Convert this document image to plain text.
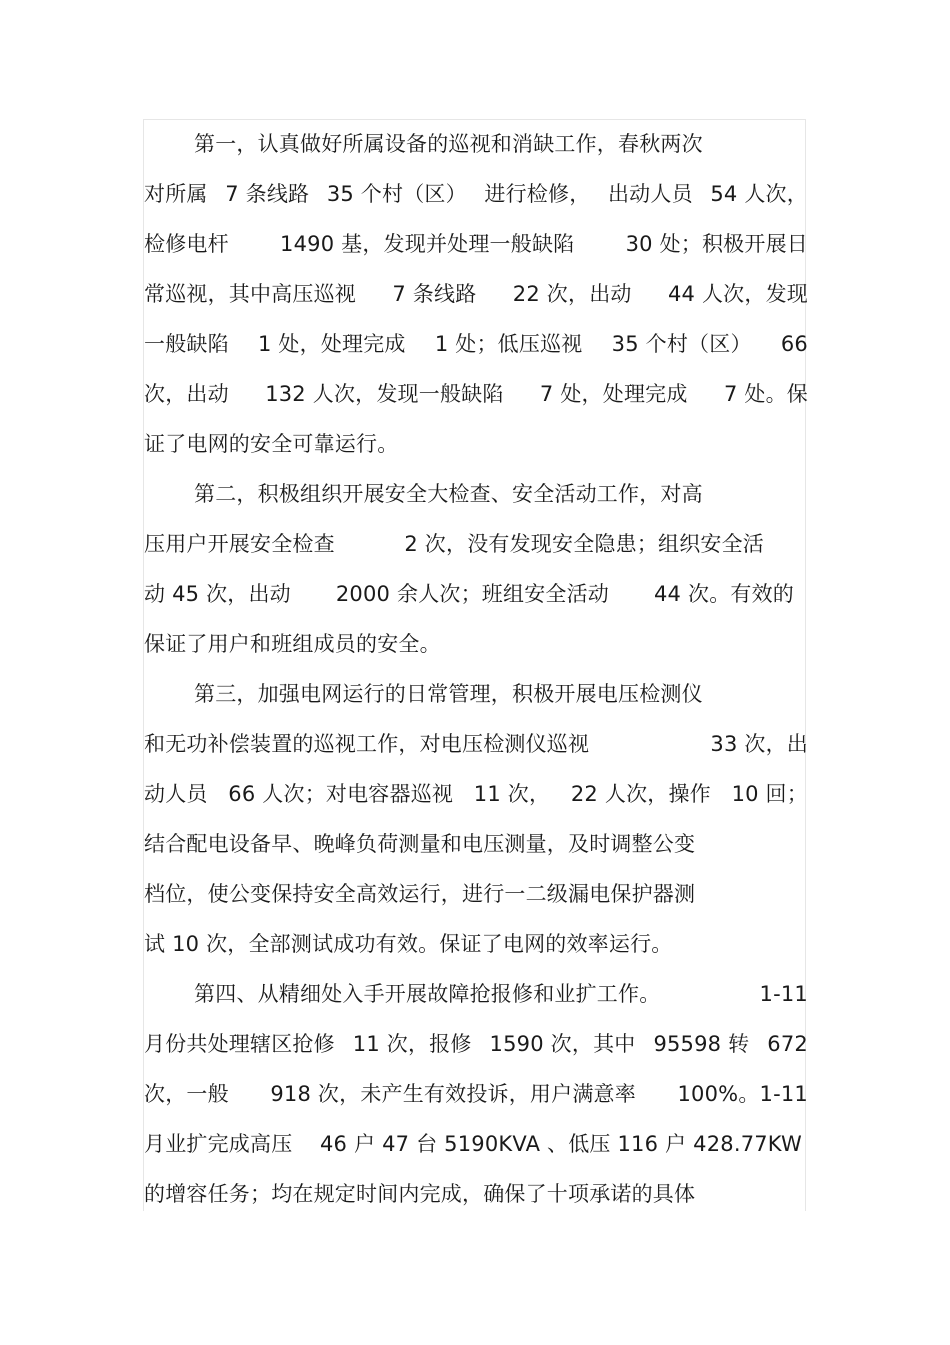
第一，认真做好所属设备的巡视和消缺工作，春秋两次
对所属 7 条线路 35 个村（区） 进行检修， 出动人员 54 人次，
检修电杆 1490 基，发现并处理一般缺陷 30 处；积极开展日
常巡视，其中高压巡视 7 条线路 22 次，出动 44 人次，发现
一般缺陷 1 处，处理完成 1 处；低压巡视 35 个村（区） 66
次，出动 132 人次，发现一般缺陷 7 处，处理完成 7 处。保
证了电网的安全可靠运行。
第二，积极组织开展安全大检查、安全活动工作，对高
压用户开展安全检查	2 次，没有发现安全隐患；组织安全活
动 45 次，出动 2000 余人次；班组安全活动 44 次。有效的
保证了用户和班组成员的安全。
第三，加强电网运行的日常管理，积极开展电压检测仪
和无功补偿装置的巡视工作，对电压检测仪巡视	33 次，出
动人员 66 人次；对电容器巡视 11 次， 22 人次，操作 10 回；
结合配电设备早、晚峰负荷测量和电压测量，及时调整公变
档位，使公变保持安全高效运行，进行一二级漏电保护器测
试 10 次，全部测试成功有效。保证了电网的效率运行。
第四、从精细处入手开展故障抢报修和业扩工作。	1-11
月份共处理辖区抢修 11 次，报修 1590 次，其中 95598 转 672
次，一般 918 次，未产生有效投诉，用户满意率 100%。1-11
月业扩完成高压 46 户 47 台 5190KVA 、低压 116 户 428.77KW
的增容任务；均在规定时间内完成，确保了十项承诺的具体
